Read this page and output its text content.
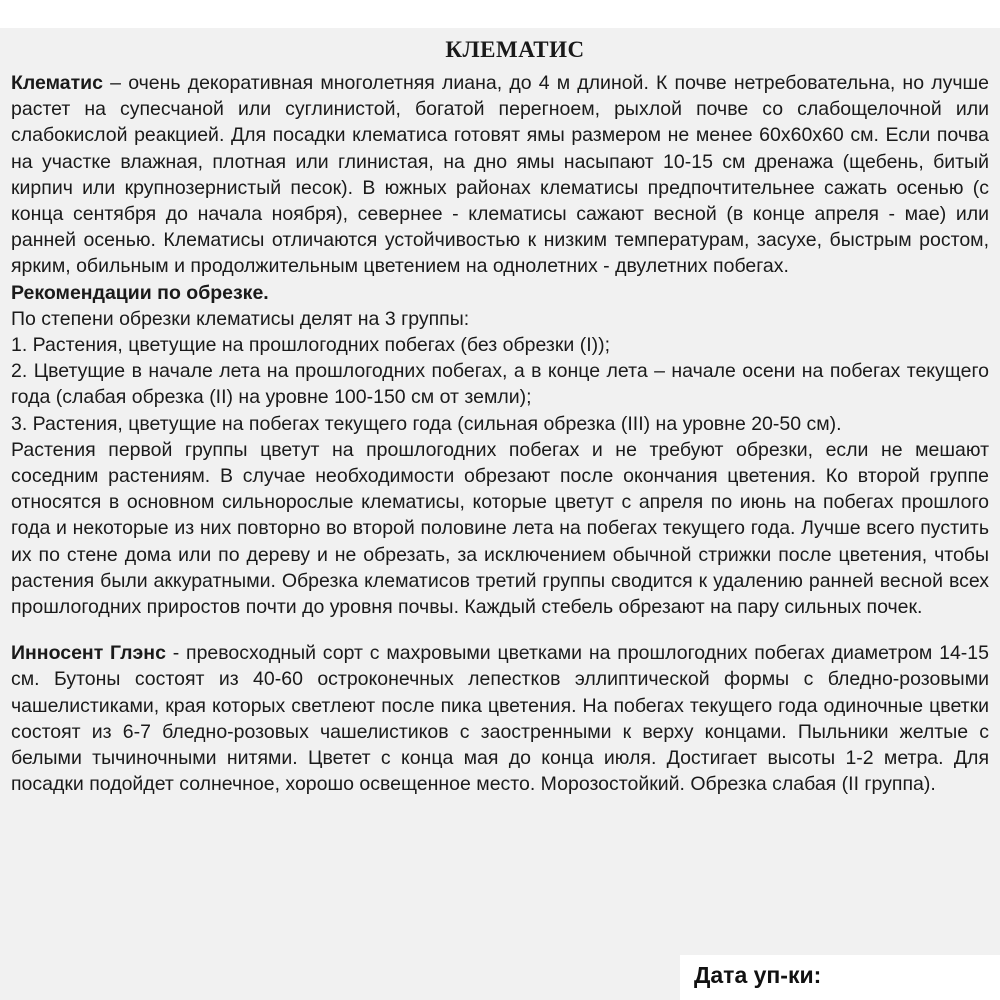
КЛЕМАТИС

Клематис – очень декоративная многолетняя лиана, до 4 м длиной. К почве нетребовательна, но лучше растет на супесчаной или суглинистой, богатой перегноем, рыхлой почве со слабощелочной или слабокислой реакцией. Для посадки клематиса готовят ямы размером не менее 60х60х60 см. Если почва на участке влажная, плотная или глинистая, на дно ямы насыпают 10-15 см дренажа (щебень, битый кирпич или крупнозернистый песок). В южных районах клематисы предпочтительнее сажать осенью (с конца сентября до начала ноября), севернее - клематисы сажают весной (в конце апреля - мае) или ранней осенью. Клематисы отличаются устойчивостью к низким температурам, засухе, быстрым ростом, ярким, обильным и продолжительным цветением на однолетних - двулетних побегах.

Рекомендации по обрезке.

По степени обрезки клематисы делят на 3 группы:

1. Растения, цветущие на прошлогодних побегах (без обрезки (I));

2. Цветущие в начале лета на прошлогодних побегах, а в конце лета – начале осени на побегах текущего года (слабая обрезка (II) на уровне 100-150 см от земли);

3. Растения, цветущие на побегах текущего года (сильная обрезка (III) на уровне 20-50 см).

Растения первой группы цветут на прошлогодних побегах и не требуют обрезки, если не мешают соседним растениям. В случае необходимости обрезают после окончания цветения. Ко второй группе относятся в основном сильнорослые клематисы, которые цветут с апреля по июнь на побегах прошлого года и некоторые из них повторно во второй половине лета на побегах текущего года. Лучше всего пустить их по стене дома или по дереву и не обрезать, за исключением обычной стрижки после цветения, чтобы растения были аккуратными. Обрезка клематисов третий группы сводится к удалению ранней весной всех прошлогодних приростов почти до уровня почвы. Каждый стебель обрезают на пару сильных почек.

Инносент Глэнс - превосходный сорт с махровыми цветками на прошлогодних побегах диаметром 14-15 см. Бутоны состоят из 40-60 остроконечных лепестков эллиптической формы с бледно-розовыми чашелистиками, края которых светлеют после пика цветения. На побегах текущего года одиночные цветки состоят из 6-7 бледно-розовых чашелистиков с заостренными к верху концами. Пыльники желтые с белыми тычиночными нитями. Цветет с конца мая до конца июля. Достигает высоты 1-2 метра. Для посадки подойдет солнечное, хорошо освещенное место. Морозостойкий. Обрезка слабая (II группа).

Дата уп-ки:
